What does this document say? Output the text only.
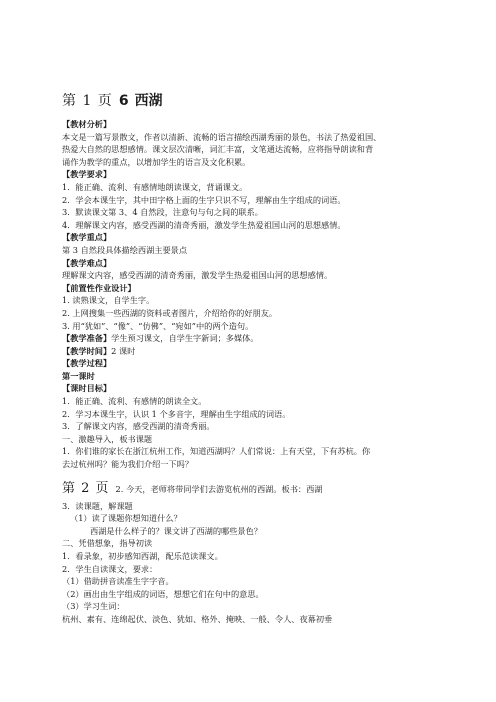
第 1 页 6 西湖
【教材分析】
本文是一篇写景散文，作者以清新、流畅的语言描绘西湖秀丽的景色，书法了热爱祖国、
热爱大自然的思想感情。课文层次清晰，词汇丰富，文笔通达流畅，应将指导朗读和背
诵作为教学的重点，以增加学生的语言及文化积累。
【教学要求】
1．能正确、流利、有感情地朗读课文，背诵课文。
2．学会本课生字，其中田字格上面的生字只识不写，理解由生字组成的词语。
3．默读课文第 3、4 自然段，注意句与句之间的联系。
4．理解课文内容，感受西湖的清奇秀丽，激发学生热爱祖国山河的思想感情。
【教学重点】
第 3 自然段具体描绘西湖主要景点
【教学难点】
理解课文内容，感受西湖的清奇秀丽，激发学生热爱祖国山河的思想感情。
【前置性作业设计】
1. 读熟课文，自学生字。
2. 上网搜集一些西湖的资料或者图片，介绍给你的好朋友。
3. 用“犹如”、“像”、“仿佛”、“宛如”中的两个造句。
【教学准备】学生预习课文，自学生字新词；多媒体。
【教学时间】2 课时
【教学过程】
第一课时
【课时目标】
1．能正确、流利、有感情的朗读全文。
2．学习本课生字，认识 1 个多音字，理解由生字组成的词语。
3．了解课文内容，感受西湖的清奇秀丽。
一、激趣导入，板书课题
1．你们谁的家长在浙江杭州工作，知道西湖吗？人们常说：上有天堂，下有苏杭。你
去过杭州吗？能为我们介绍一下吗？
第 2 页 2. 今天，老师将带同学们去游览杭州的西湖。板书：西湖
3．读课题，解课题
（1）读了课题你想知道什么？
西湖是什么样子的？课文讲了西湖的哪些景色？
二、凭借想象，指导初读
1．看录象，初步感知西湖，配乐范读课文。
2．学生自读课文，要求：
（1）借助拼音读准生字字音。
（2）画出由生字组成的词语，想想它们在句中的意思。
（3）学习生词：
杭州、素有、连绵起伏、淡色、犹如、格外、掩映、一般、令人、夜幕初垂
